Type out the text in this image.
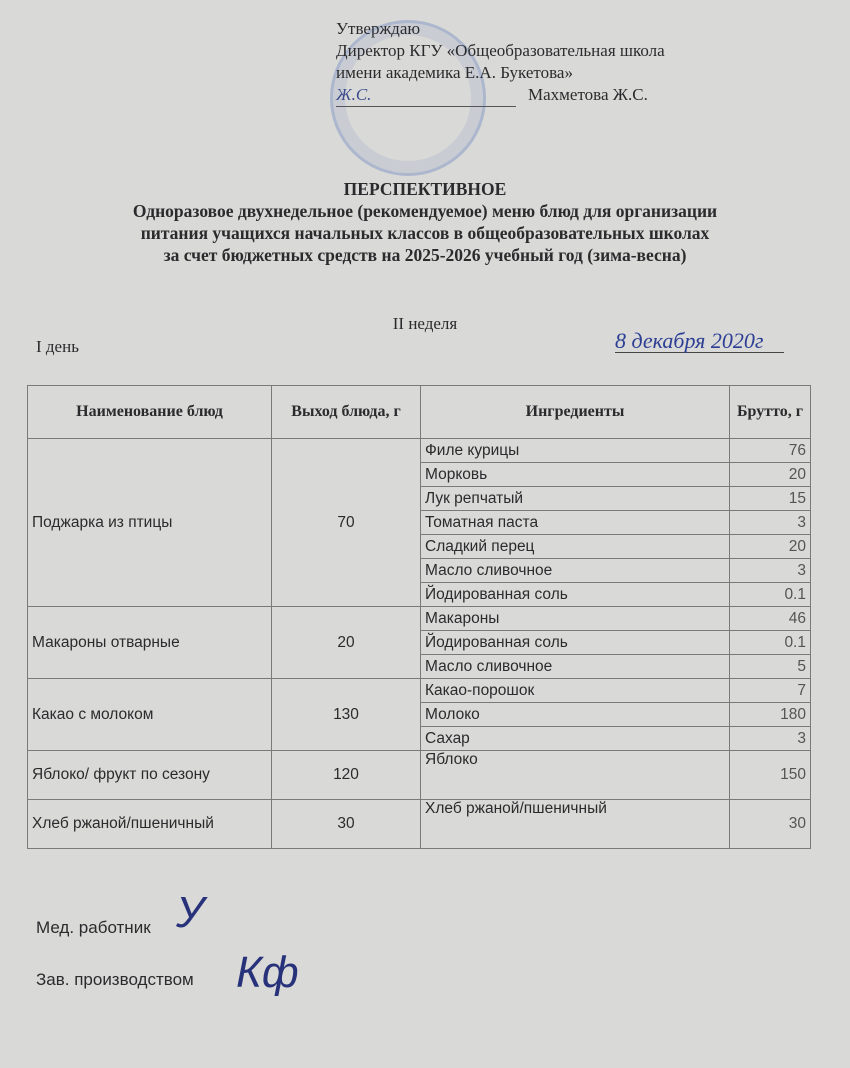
Утверждаю
Директор КГУ «Общеобразовательная школа
имени академика Е.А. Букетова»
Ж.С.	Махметова Ж.С.
ПЕРСПЕКТИВНОЕ
Одноразовое двухнедельное (рекомендуемое) меню блюд для организации
питания учащихся начальных классов в общеобразовательных школах
за счет бюджетных средств на 2025-2026 учебный год (зима-весна)
II неделя
I день	8 декабря 2020г
Наименование блюд	Выход блюда, г	Ингредиенты	Брутто, г
Поджарка из птицы	70	Филе курицы	76
		Морковь	20
		Лук репчатый	15
		Томатная паста	3
		Сладкий перец	20
		Масло сливочное	3
		Йодированная соль	0.1
Макароны отварные	20	Макароны	46
		Йодированная соль	0.1
		Масло сливочное	5
Какао с молоком	130	Какао-порошок	7
		Молоко	180
		Сахар	3
Яблоко/ фрукт по сезону	120	Яблоко	150
Хлеб ржаной/пшеничный	30	Хлеб ржаной/пшеничный	30
Мед. работник У
Зав. производством Кф
